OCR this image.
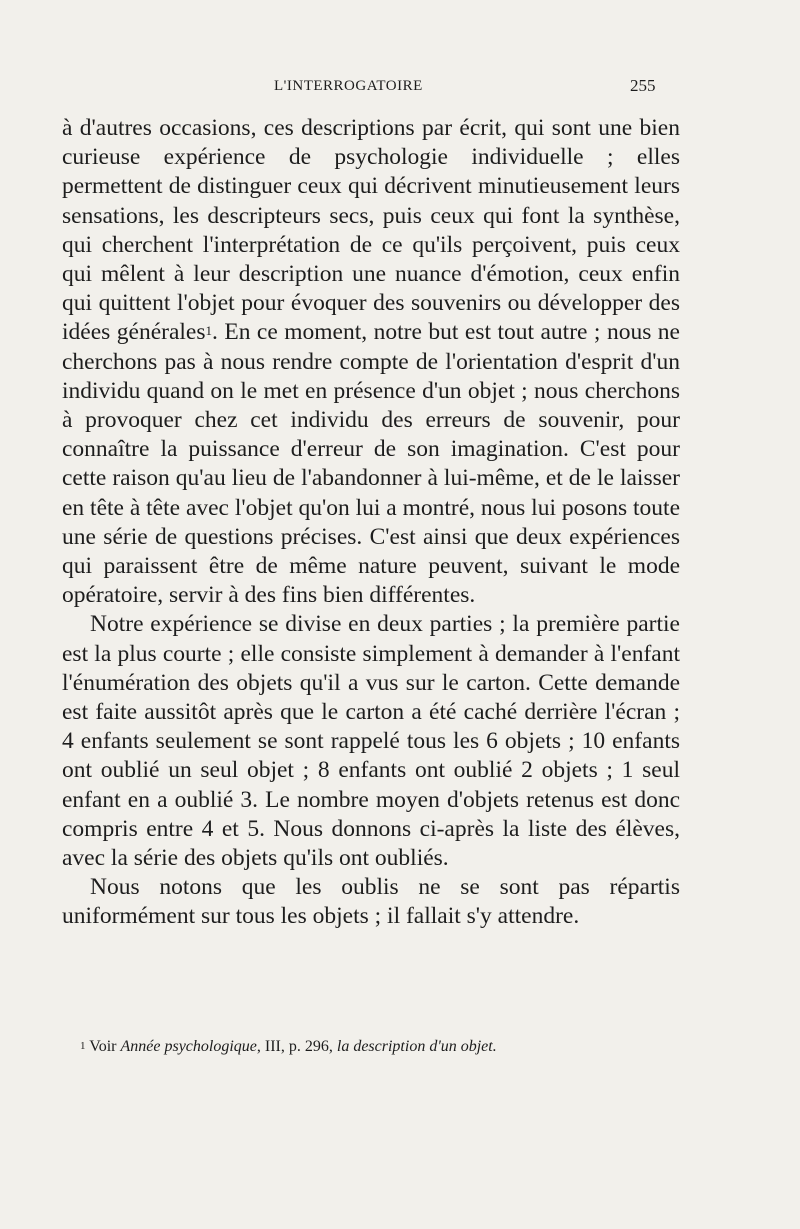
L'INTERROGATOIRE	255

à d'autres occasions, ces descriptions par écrit, qui sont une bien curieuse expérience de psychologie individuelle ; elles permettent de distinguer ceux qui décrivent minutieusement leurs sensations, les descripteurs secs, puis ceux qui font la synthèse, qui cherchent l'interprétation de ce qu'ils perçoivent, puis ceux qui mêlent à leur description une nuance d'émotion, ceux enfin qui quittent l'objet pour évoquer des souvenirs ou développer des idées générales$^1$. En ce moment, notre but est tout autre ; nous ne cherchons pas à nous rendre compte de l'orientation d'esprit d'un individu quand on le met en présence d'un objet ; nous cherchons à provoquer chez cet individu des erreurs de souvenir, pour connaître la puissance d'erreur de son imagination. C'est pour cette raison qu'au lieu de l'abandonner à lui-même, et de le laisser en tête à tête avec l'objet qu'on lui a montré, nous lui posons toute une série de questions précises. C'est ainsi que deux expériences qui paraissent être de même nature peuvent, suivant le mode opératoire, servir à des fins bien différentes.

Notre expérience se divise en deux parties ; la première partie est la plus courte ; elle consiste simplement à demander à l'enfant l'énumération des objets qu'il a vus sur le carton. Cette demande est faite aussitôt après que le carton a été caché derrière l'écran ; 4 enfants seulement se sont rappelé tous les 6 objets ; 10 enfants ont oublié un seul objet ; 8 enfants ont oublié 2 objets ; 1 seul enfant en a oublié 3. Le nombre moyen d'objets retenus est donc compris entre 4 et 5. Nous donnons ci-après la liste des élèves, avec la série des objets qu'ils ont oubliés.

Nous notons que les oublis ne se sont pas répartis uniformément sur tous les objets ; il fallait s'y attendre.

$^1$ Voir Année psychologique, III, p. 296, la description d'un objet.
